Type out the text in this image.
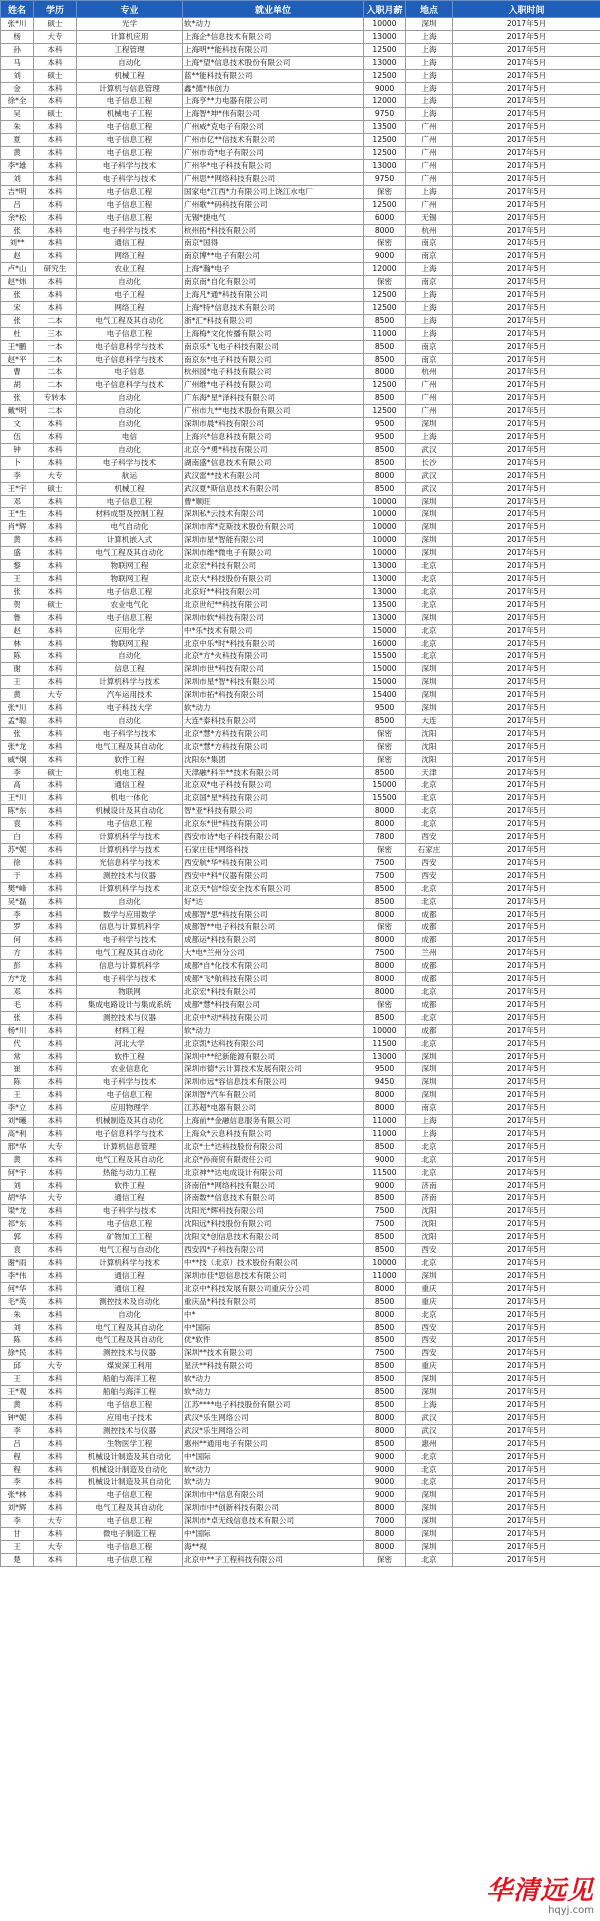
姓名	学历	专业	就业单位	入职月薪	地点	入职时间
张*川	硕士	光学	软*动力	10000	深圳	2017年5月
杨	大专	计算机应用	上海企*信息技术有限公司	13000	上海	2017年5月
孙	本科	工程管理	上海明**能科技有限公司	12500	上海	2017年5月
马	本科	自动化	上海*望*信息技术股份有限公司	13000	上海	2017年5月
刘	硕士	机械工程	蓝**能科技有限公司	12500	上海	2017年5月
金	本科	计算机与信息管理	鑫*德*伟创力	9000	上海	2017年5月
徐*全	本科	电子信息工程	上海亨**力电器有限公司	12000	上海	2017年5月
吴	硕士	机械电子工程	上海智*坤*伟有限公司	9750	上海	2017年5月
朱	本科	电子信息工程	广州威*克电子有限公司	13500	广州	2017年5月
夏	本科	电子信息工程	广州市亿**信技术有限公司	12500	广州	2017年5月
黄	本科	电子信息工程	广州市奇*电子有限公司	12500	广州	2017年5月
李*雄	本科	电子科学与技术	广州华*电子科技有限公司	13000	广州	2017年5月
刘	本科	电子科学与技术	广州思**网络科技有限公司	9750	广州	2017年5月
吉*明	本科	电子信息工程	国家电*江西*力有限公司上饶江水电厂	保密	上海	2017年5月
吕	本科	电子信息工程	广州歌**码科技有限公司	12500	广州	2017年5月
余*松	本科	电子信息工程	无锡*捷电气	6000	无锡	2017年5月
张	本科	电子科学与技术	杭州拓*科技有限公司	8000	杭州	2017年5月
刘**	本科	通信工程	南京*国得	保密	南京	2017年5月
赵	本科	网络工程	南京博**电子有限公司	9000	南京	2017年5月
卢*山	研究生	农业工程	上海*瀚*电子	12000	上海	2017年5月
赵*炜	本科	自动化	南京南*自化有限公司	保密	南京	2017年5月
张	本科	电子工程	上海凡*通*科技有限公司	12500	上海	2017年5月
宋	本科	网络工程	上海*特*信息技术有限公司	12500	上海	2017年5月
张	二本	电气工程及其自动化	浙*汇*科技有限公司	8500	上海	2017年5月
杜	三本	电子信息工程	上海梅*文化传播有限公司	11000	上海	2017年5月
王*鹏	一本	电子信息科学与技术	南京乐*飞电子科技有限公司	8500	南京	2017年5月
赵*平	二本	电子信息科学与技术	南京东*电子科技有限公司	8500	南京	2017年5月
曹	二本	电子信息	杭州园*电子科技有限公司	8000	杭州	2017年5月
胡	二本	电子信息科学与技术	广州维*电子科技有限公司	12500	广州	2017年5月
张	专转本	自动化	广东海*星*泽科技有限公司	8500	广州	2017年5月
戴*明	二本	自动化	广州市九**电技术股份有限公司	12500	广州	2017年5月
文	本科	自动化	深圳市晨*科技有限公司	9500	深圳	2017年5月
伍	本科	电信	上海兴*信息科技有限公司	9500	上海	2017年5月
钟	本科	自动化	北京今*勇*科技有限公司	8500	武汉	2017年5月
卜	本科	电子科学与技术	湖南盛*信息技术有限公司	8500	长沙	2017年5月
李	大专	航运	武汉雷**技术有限公司	8000	武汉	2017年5月
王*宇	硕士	机械工程	武汉夏*斯信息技术有限公司	8500	武汉	2017年5月
邓	本科	电子信息工程	曹*顺旺	10000	深圳	2017年5月
王*生	本科	材料成型及控制工程	深圳私*云技术有限公司	10000	深圳	2017年5月
肖*辉	本科	电气自动化	深圳市库*克斯技术股份有限公司	10000	深圳	2017年5月
黄	本科	计算机嵌入式	深圳市星*智能有限公司	10000	深圳	2017年5月
盛	本科	电气工程及其自动化	深圳市维*微电子有限公司	10000	深圳	2017年5月
黎	本科	物联网工程	北京宏*科技有限公司	13000	北京	2017年5月
王	本科	物联网工程	北京大*科技股份有限公司	13000	北京	2017年5月
张	本科	电子信息工程	北京好**科技有限公司	13000	北京	2017年5月
贺	硕士	农业电气化	北京世纪**科技有限公司	13500	北京	2017年5月
鲁	本科	电子信息工程	深圳市软*科技有限公司	13000	深圳	2017年5月
赵	本科	应用化学	中*乐*技术有限公司	15000	北京	2017年5月
林	本科	物联网工程	北京中乐*时*科技有限公司	16000	北京	2017年5月
陈	本科	自动化	北京*方*火科技有限公司	15500	北京	2017年5月
谢	本科	信息工程	深圳市世*科技有限公司	15000	深圳	2017年5月
王	本科	计算机科学与技术	深圳市星*智*科技有限公司	15000	深圳	2017年5月
黄	大专	汽车运用技术	深圳市拓*科技有限公司	15400	深圳	2017年5月
张*川	本科	电子科技大学	软*动力	9500	深圳	2017年5月
孟*聪	本科	自动化	大连*泰科技有限公司	8500	大连	2017年5月
张	本科	电子科学与技术	北京*慧*方科技有限公司	保密	沈阳	2017年5月
张*龙	本科	电气工程及其自动化	北京*慧*方科技有限公司	保密	沈阳	2017年5月
威*炯	本科	软件工程	沈阳东*集团	保密	沈阳	2017年5月
李	硕士	机电工程	天津融*科半**技术有限公司	8500	天津	2017年5月
高	本科	通信工程	北京双*电子科技有限公司	15000	北京	2017年5月
王*川	本科	机电一体化	北京国*星*科技有限公司	15500	北京	2017年5月
陈*东	本科	机械设计及其自动化	智*亚*科技有限公司	8000	北京	2017年5月
袁	本科	电子信息工程	北京东*世*科技有限公司	8000	北京	2017年5月
白	本科	计算机科学与技术	西安市诗*电子科技有限公司	7800	西安	2017年5月
苏*妮	本科	计算机科学与技术	石家庄佳*网络科技	保密	石家庄	2017年5月
徐	本科	光信息科学与技术	西安航*华*科技有限公司	7500	西安	2017年5月
于	本科	测控技术与仪器	西安中*科*仪器有限公司	7500	西安	2017年5月
樊*峰	本科	计算机科学与技术	北京天*信*综安全技术有限公司	8500	北京	2017年5月
吴*磊	本科	自动化	好*达	8500	北京	2017年5月
李	本科	数学与应用数学	成都智*思*科技有限公司	8000	成都	2017年5月
罗	本科	信息与计算机科学	成都智**电子科技有限公司	保密	成都	2017年5月
何	本科	电子科学与技术	成都运*科技有限公司	8000	成都	2017年5月
方	本科	电气工程及其自动化	大*电*兰州分公司	7500	兰州	2017年5月
彭	本科	信息与计算机科学	成都*自*化技术有限公司	8000	成都	2017年5月
方*龙	本科	电子科学与技术	成都*飞*航科技有限公司	8000	成都	2017年5月
邓	本科	物联网	北京宏*科技有限公司	8000	北京	2017年5月
毛	本科	集成电路设计与集成系统	成都*慧*科技有限公司	保密	成都	2017年5月
张	本科	测控技术与仪器	北京中*动*科技有限公司	8500	北京	2017年5月
杨*川	本科	材料工程	软*动力	10000	成都	2017年5月
代	本科	河北大学	北京凯*达科技有限公司	11500	北京	2017年5月
常	本科	软件工程	深圳中**纪新能源有限公司	13000	深圳	2017年5月
崔	本科	农业信息化	深圳市德*云计算技术发展有限公司	9500	深圳	2017年5月
陈	本科	电子科学与技术	深圳市远*容信息技术有限公司	9450	深圳	2017年5月
王	本科	电子信息工程	深圳智*汽车有限公司	8000	深圳	2017年5月
李*立	本科	应用物理学	江苏超*电器有限公司	8000	南京	2017年5月
刘*曦	本科	机械制造及其自动化	上海前**金融信息服务有限公司	11000	上海	2017年5月
高*利	本科	电子信息科学与技术	上海众*云息科技有限公司	11000	上海	2017年5月
邢*华	大专	计算机信息管理	北京*士*达科技股份有限公司	8500	北京	2017年5月
黄	本科	电气工程及其自动化	北京*孙商贸有限责任公司	9000	北京	2017年5月
何*宇	本科	热能与动力工程	北京神**达电成设计有限公司	11500	北京	2017年5月
刘	本科	软件工程	济南佰**网络科技有限公司	9000	济南	2017年5月
胡*华	大专	通信工程	济南数**信息技术有限公司	8500	济南	2017年5月
梁*龙	本科	电子科学与技术	沈阳光*辉科技有限公司	7500	沈阳	2017年5月
祁*东	本科	电子信息工程	沈阳远*科技股份有限公司	7500	沈阳	2017年5月
郭	本科	矿物加工工程	沈阳文*创信息技术有限公司	8500	沈阳	2017年5月
袁	本科	电气工程与自动化	西安四*子科技有限公司	8500	西安	2017年5月
谢*雨	本科	计算机科学与技术	中**技（北京）技术股份有限公司	10000	北京	2017年5月
李*伟	本科	通信工程	深圳市佳*思信息技术有限公司	11000	深圳	2017年5月
何*华	本科	通信工程	北京中*科技发展有限公司重庆分公司	8000	重庆	2017年5月
毛*英	本科	测控技术及自动化	重庆品*科技有限公司	8500	重庆	2017年5月
朱	本科	自动化	中*	8000	北京	2017年5月
刘	本科	电气工程及其自动化	中*国际	8500	西安	2017年5月
陈	本科	电气工程及其自动化	优*软件	8500	西安	2017年5月
徐*民	本科	测控技术与仪器	深圳**技术有限公司	7500	西安	2017年5月
邱	大专	煤炭深工利用	星沃**科技有限公司	8500	重庆	2017年5月
王	本科	船舶与海洋工程	软*动力	8500	深圳	2017年5月
王*观	本科	船舶与海洋工程	软*动力	8500	深圳	2017年5月
黄	本科	电子信息工程	江苏****电子科技股份有限公司	8500	上海	2017年5月
钟*妮	本科	应用电子技术	武汉*乐生网络公司	8000	武汉	2017年5月
李	本科	测控技术与仪器	武汉*乐生网络公司	8000	武汉	2017年5月
吕	本科	生物医学工程	惠州**通用电子有限公司	8500	惠州	2017年5月
程	本科	机械设计制造及其自动化	中*国际	9000	北京	2017年5月
程	本科	机械设计制造及自动化	软*动力	9000	北京	2017年5月
李	本科	机械设计制造及其自动化	软*动力	9000	北京	2017年5月
张*林	本科	电子信息工程	深圳市中*信息有限公司	9000	深圳	2017年5月
刘*辉	本科	电气工程及其自动化	深圳市中*创新科技有限公司	8000	深圳	2017年5月
李	大专	电子信息工程	深圳市*卓无线信息技术有限公司	7000	深圳	2017年5月
甘	本科	微电子制造工程	中*国际	8000	深圳	2017年5月
王	大专	电子信息工程	海**视	8000	深圳	2017年5月
楚	本科	电子信息工程	北京中**子工程科技有限公司	保密	北京	2017年5月
华清远见
hqyj.com
